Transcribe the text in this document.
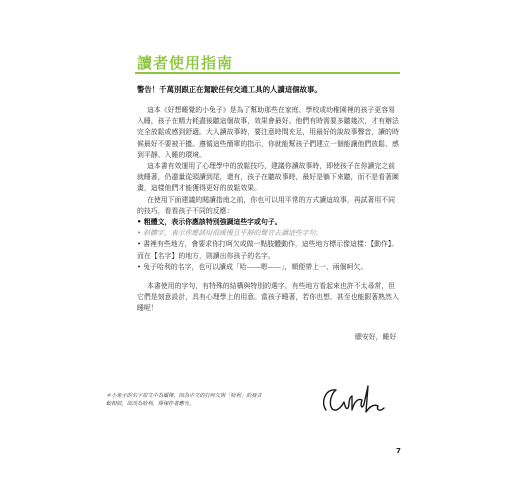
讀者使用指南
警告！千萬別跟正在駕駛任何交通工具的人讀這個故事。

這本《好想睡覺的小兔子》是為了幫助那些在家庭、學校或幼稚園裡的孩子更容易入睡，孩子在精力耗盡後聽這個故事，效果會最好。他們有時需要多聽幾次，才有辦法完全放鬆或感到舒適。大人讀故事時，要注意時間充足，用最好的說故事聲音，讀的時候最好不要被干擾。遵循這些簡單的指示，你就能幫孩子們建立一個能讓他們放鬆、感到平靜、入睡的環境。

這本書有效運用了心理學中的放鬆技巧，建議你讀故事時，即使孩子在你讀完之前就睡著，仍盡量從頭讀到尾，還有，孩子在聽故事時，最好是躺下來聽，而不是看著圖畫，這樣他們才能獲得更好的放鬆效果。

在使用下面建議的閱讀指南之前，你也可以用平常的方式讀這故事，再試著用不同的技巧，看看孩子不同的反應：

• 粗體文，表示你應該特別強調這些字或句子。

• 斜體字，表示你應該用很緩慢且平靜的聲音去讀這些字句。

• 書裡有些地方，會要求你打呵欠或做一點肢體動作，這些地方標示像這樣：【動作】。而在【名字】的地方，則讀出你孩子的名字。

• 兔子哈利的名字，也可以讀成「哈——嗯——」，順便帶上一、兩個呵欠。

本書使用的字句，有特殊的結構與特別的選字，有些地方看起來也許不太尋常，但它們是刻意設計，具有心理學上的用意。當孩子睡著，若你也想，甚至也能跟著熟然入睡呢！

願安好，睡好
＊小兔子的名字原文中為羅傑，因為中文的打呵欠與「哈利」的發音較相似，故改為哈利，得保作者應允。
7
